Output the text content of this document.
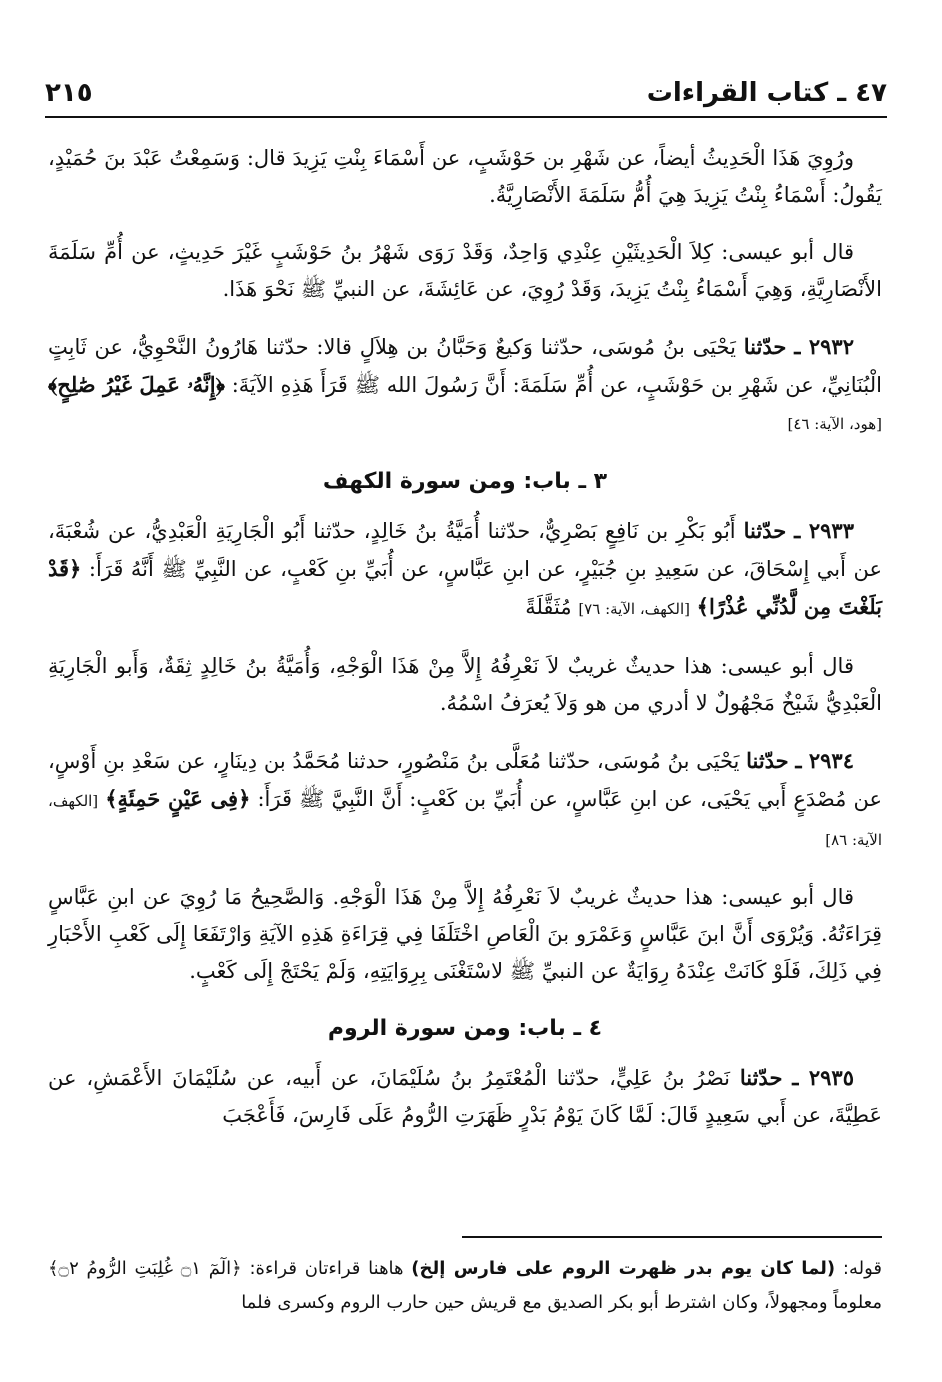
٤٧ ـ كتاب القراءات
٢١٥

ورُوِيَ هَذَا الْحَدِيثُ أيضاً، عن شَهْرِ بن حَوْشَبٍ، عن أَسْمَاءَ بِنْتِ يَزِيدَ قال: وَسَمِعْتُ عَبْدَ بنَ حُمَيْدٍ، يَقُولُ: أَسْمَاءُ بِنْتُ يَزِيدَ هِيَ أُمُّ سَلَمَةَ الأَنْصَارِيَّةُ.

قال أبو عيسى: كِلاَ الْحَدِيثَيْنِ عِنْدِي وَاحِدٌ، وَقَدْ رَوَى شَهْرُ بنُ حَوْشَبٍ غَيْرَ حَدِيثٍ، عن أُمِّ سَلَمَةَ الأَنْصَارِيَّةِ، وَهِيَ أَسْمَاءُ بِنْتُ يَزِيدَ، وَقَدْ رُوِيَ، عن عَائِشَةَ، عن النبيِّ ﷺ نَحْوَ هَذَا.

٢٩٣٢ ـ حدّثنا يَحْيَى بنُ مُوسَى، حدّثنا وَكيعٌ وَحَبَّانُ بن هِلاَلٍ قالا: حدّثنا هَارُونُ النَّحْوِيُّ، عن ثَابِتٍ الْبُنَانِيِّ، عن شَهْرِ بن حَوْشَبٍ، عن أُمِّ سَلَمَةَ: أَنَّ رَسُولَ الله ﷺ قَرَأَ هَذِهِ الآيَةَ: ﴿إِنَّهُۥ عَمِلَ غَيْرُ صَٰلِحٍ﴾ [هود، الآية: ٤٦]

٣ ـ باب: ومن سورة الكهف

٢٩٣٣ ـ حدّثنا أَبُو بَكْرِ بن نَافِعٍ بَصْرِيٌّ، حدّثنا أُمَيَّةُ بنُ خَالِدٍ، حدّثنا أَبُو الْجَارِيَةِ الْعَبْدِيُّ، عن شُعْبَةَ، عن أَبي إِسْحَاقَ، عن سَعِيدِ بنِ جُبَيْرٍ، عن ابنِ عَبَّاسٍ، عن أُبَيِّ بنِ كَعْبٍ، عن النَّبِيِّ ﷺ أَنَّهُ قَرَأَ: ﴿قَدْ بَلَغْتَ مِن لَّدُنِّي عُذْرًا﴾ [الكهف، الآية: ٧٦] مُثَقَّلَةً

قال أبو عيسى: هذا حديثٌ غريبٌ لاَ نَعْرِفُهُ إِلاَّ مِنْ هَذَا الْوَجْهِ، وَأُمَيَّةُ بنُ خَالِدٍ ثِقَةٌ، وَأَبو الْجَارِيَةِ الْعَبْدِيُّ شَيْخٌ مَجْهُولٌ لا أدري من هو وَلاَ يُعرَفُ اسْمُهُ.

٢٩٣٤ ـ حدّثنا يَحْيَى بنُ مُوسَى، حدّثنا مُعَلَّى بنُ مَنْصُورٍ، حدثنا مُحَمَّدُ بن دِينَارٍ، عن سَعْدِ بنِ أَوْسٍ، عن مُصْدَعٍ أَبي يَحْيَى، عن ابنِ عَبَّاسٍ، عن أُبَيِّ بن كَعْبٍ: أَنَّ النَّبِيَّ ﷺ قَرَأَ: ﴿فِى عَيْنٍ حَمِئَةٍ﴾ [الكهف، الآية: ٨٦]

قال أبو عيسى: هذا حديثٌ غريبٌ لاَ نَعْرِفُهُ إِلاَّ مِنْ هَذَا الْوَجْهِ. وَالصَّحِيحُ مَا رُوِيَ عن ابنِ عَبَّاسٍ قِرَاءَتُهُ. وَيُرْوَى أَنَّ ابنَ عَبَّاسٍ وَعَمْرَو بنَ الْعَاصِ اخْتَلَفَا فِي قِرَاءَةِ هَذِهِ الآيَةِ وَارْتَفَعَا إِلَى كَعْبِ الأَحْبَارِ فِي ذَلِكَ، فَلَوْ كَانَتْ عِنْدَهُ رِوَايَةٌ عن النبيِّ ﷺ لاسْتَغْنَى بِرِوَايَتِهِ، وَلَمْ يَحْتَجْ إِلَى كَعْبٍ.

٤ ـ باب: ومن سورة الروم

٢٩٣٥ ـ حدّثنا نَصْرُ بنُ عَلِيٍّ، حدّثنا الْمُعْتَمِرُ بنُ سُلَيْمَانَ، عن أَبيه، عن سُلَيْمَانَ الأَعْمَشِ، عن عَطِيَّةَ، عن أَبي سَعِيدٍ قَالَ: لَمَّا كَانَ يَوْمُ بَدْرٍ ظَهَرَتِ الرُّومُ عَلَى فَارِسَ، فَأَعْجَبَ

قوله: (لما كان يوم بدر ظهرت الروم على فارس إلخ) هاهنا قراءتان قراءة: ﴿الٓمٓ ۝١ غُلِبَتِ الرُّومُ ۝٢﴾ معلوماً ومجهولاً، وكان اشترط أبو بكر الصديق مع قريش حين حارب الروم وكسرى فلما
